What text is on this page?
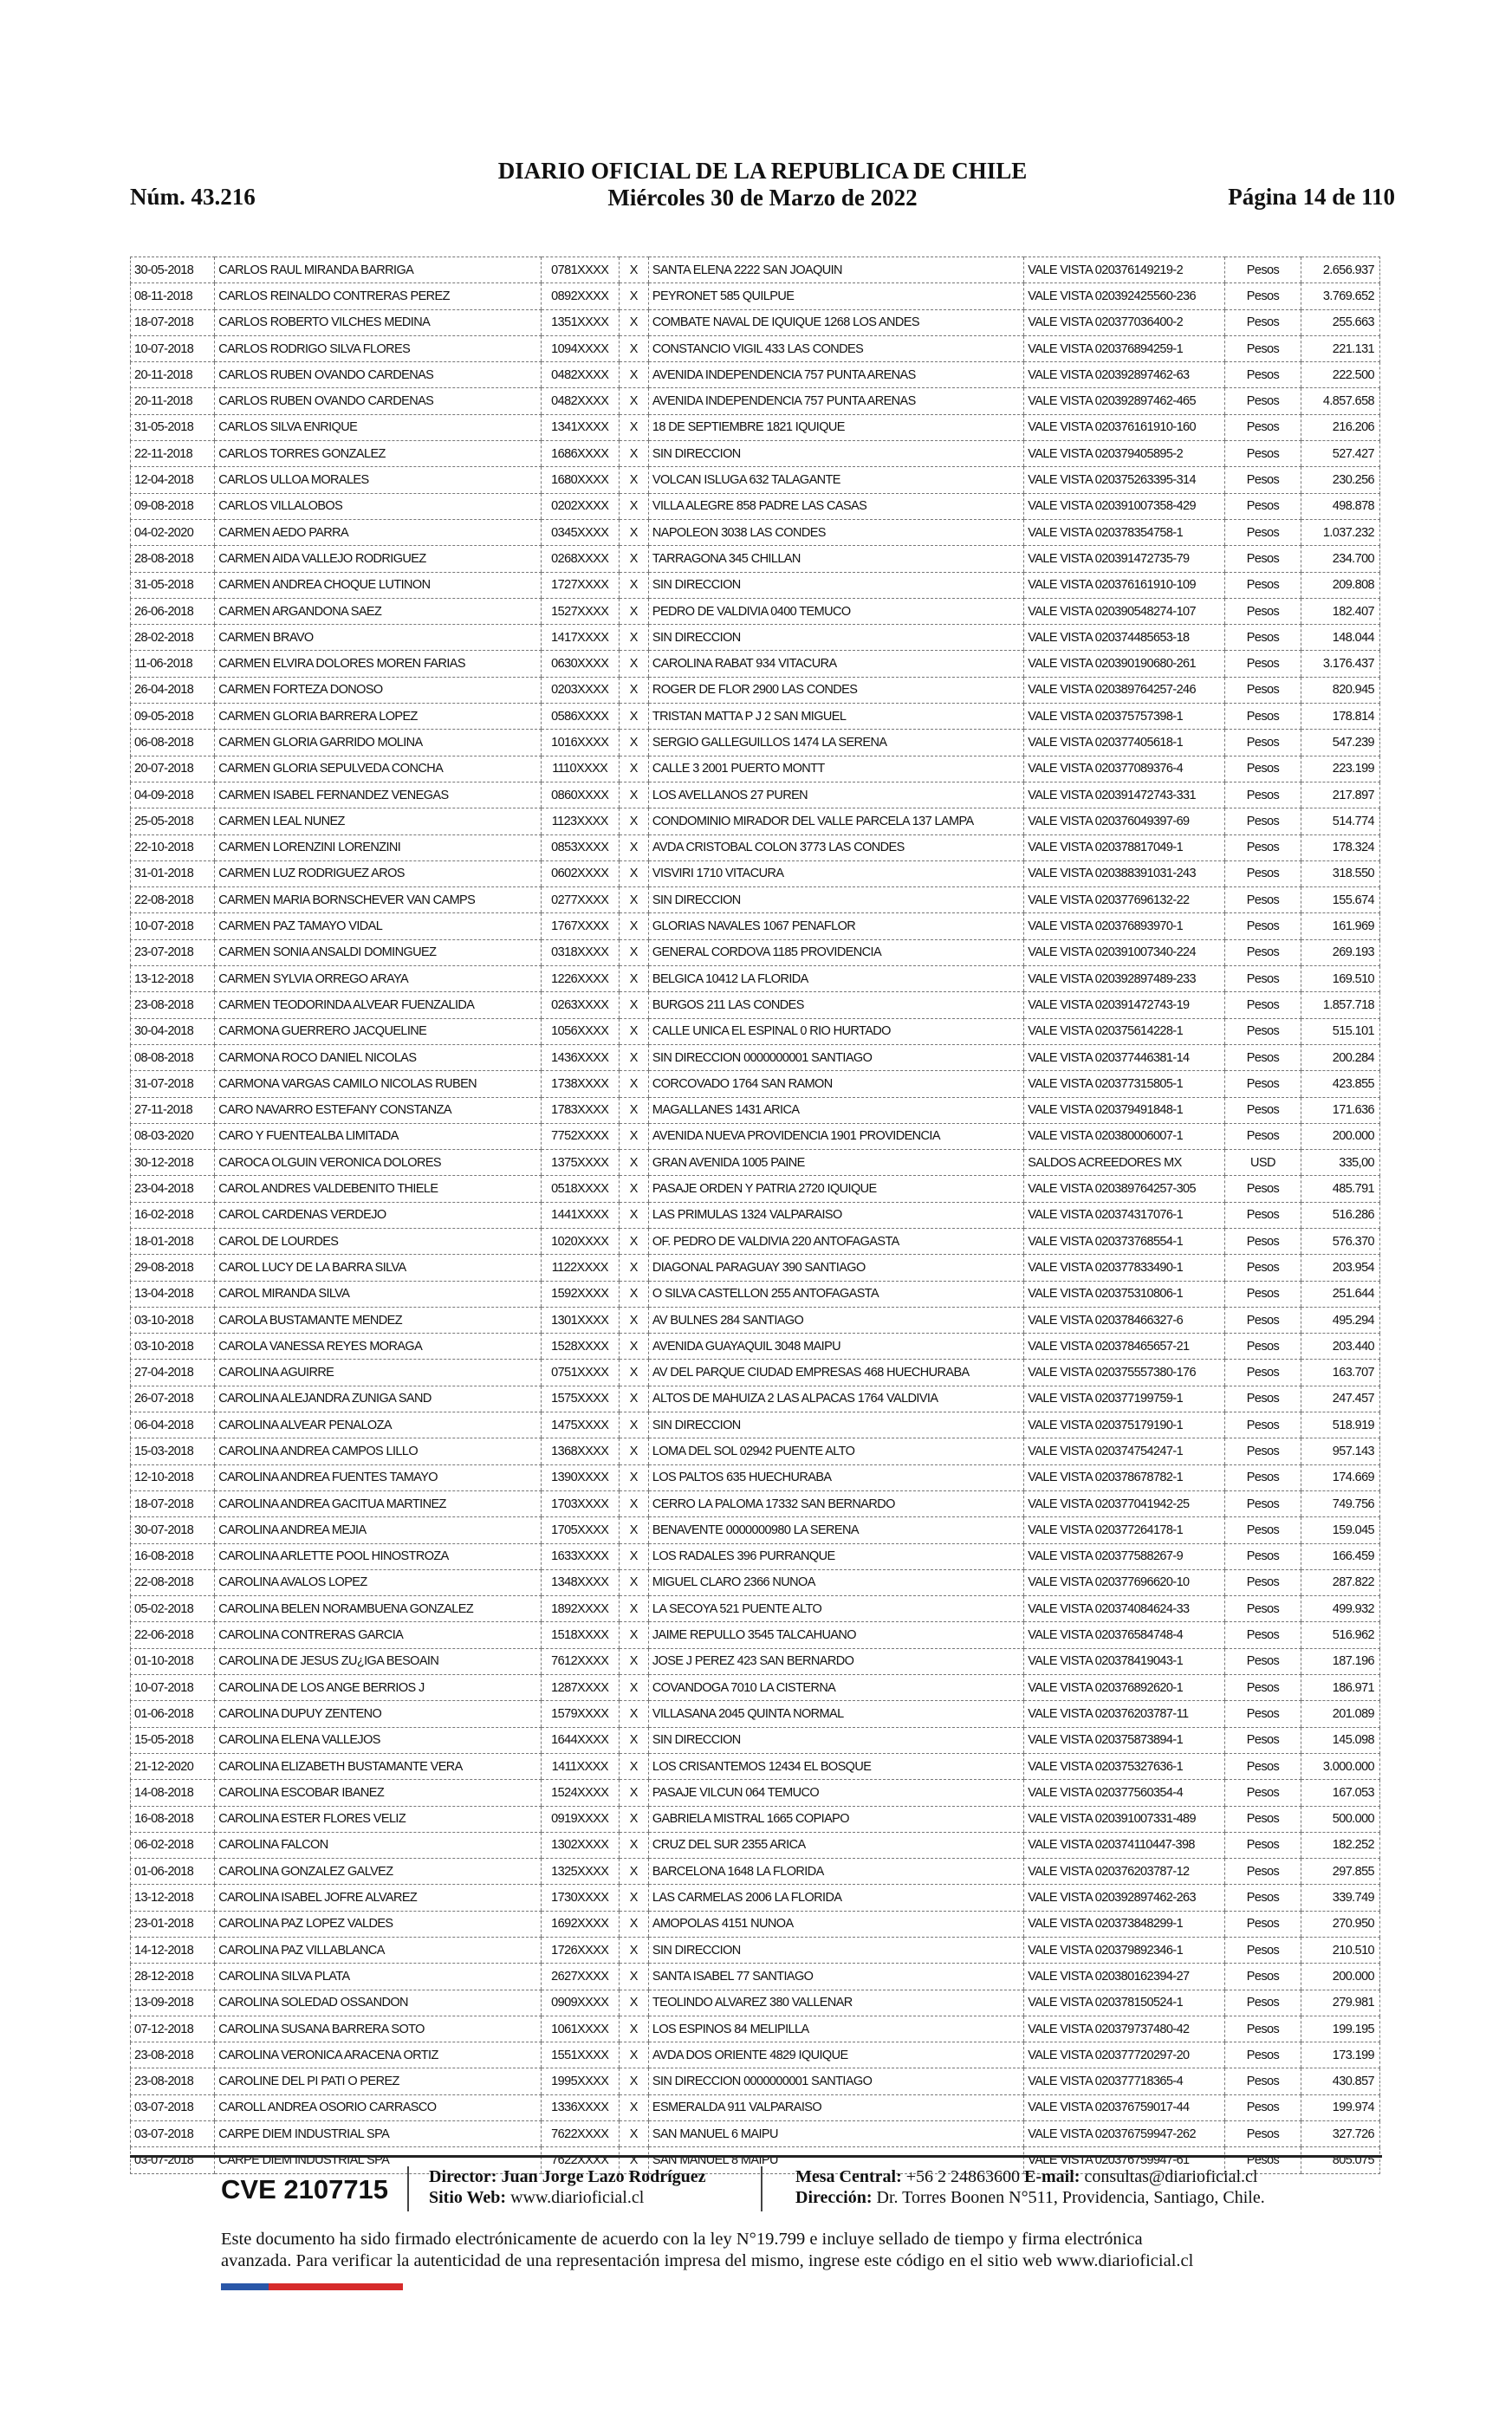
Núm. 43.216
DIARIO OFICIAL DE LA REPUBLICA DE CHILE
Miércoles 30 de Marzo de 2022	Página 14 de 110
30-05-2018	CARLOS RAUL MIRANDA BARRIGA	0781XXXX	X	SANTA ELENA 2222 SAN JOAQUIN	VALE VISTA 020376149219-2	Pesos	2.656.937
08-11-2018	CARLOS REINALDO CONTRERAS PEREZ	0892XXXX	X	PEYRONET 585 QUILPUE	VALE VISTA 020392425560-236	Pesos	3.769.652
18-07-2018	CARLOS ROBERTO VILCHES MEDINA	1351XXXX	X	COMBATE NAVAL DE IQUIQUE 1268 LOS ANDES	VALE VISTA 020377036400-2	Pesos	255.663
10-07-2018	CARLOS RODRIGO SILVA FLORES	1094XXXX	X	CONSTANCIO VIGIL 433 LAS CONDES	VALE VISTA 020376894259-1	Pesos	221.131
20-11-2018	CARLOS RUBEN OVANDO CARDENAS	0482XXXX	X	AVENIDA INDEPENDENCIA 757 PUNTA ARENAS	VALE VISTA 020392897462-63	Pesos	222.500
20-11-2018	CARLOS RUBEN OVANDO CARDENAS	0482XXXX	X	AVENIDA INDEPENDENCIA 757 PUNTA ARENAS	VALE VISTA 020392897462-465	Pesos	4.857.658
31-05-2018	CARLOS SILVA ENRIQUE	1341XXXX	X	18 DE SEPTIEMBRE 1821 IQUIQUE	VALE VISTA 020376161910-160	Pesos	216.206
22-11-2018	CARLOS TORRES GONZALEZ	1686XXXX	X	SIN DIRECCION	VALE VISTA 020379405895-2	Pesos	527.427
12-04-2018	CARLOS ULLOA MORALES	1680XXXX	X	VOLCAN ISLUGA 632 TALAGANTE	VALE VISTA 020375263395-314	Pesos	230.256
09-08-2018	CARLOS VILLALOBOS	0202XXXX	X	VILLA ALEGRE 858 PADRE LAS CASAS	VALE VISTA 020391007358-429	Pesos	498.878
04-02-2020	CARMEN AEDO PARRA	0345XXXX	X	NAPOLEON 3038 LAS CONDES	VALE VISTA 020378354758-1	Pesos	1.037.232
28-08-2018	CARMEN AIDA VALLEJO RODRIGUEZ	0268XXXX	X	TARRAGONA 345 CHILLAN	VALE VISTA 020391472735-79	Pesos	234.700
31-05-2018	CARMEN ANDREA CHOQUE LUTINON	1727XXXX	X	SIN DIRECCION	VALE VISTA 020376161910-109	Pesos	209.808
26-06-2018	CARMEN ARGANDONA SAEZ	1527XXXX	X	PEDRO DE VALDIVIA 0400 TEMUCO	VALE VISTA 020390548274-107	Pesos	182.407
28-02-2018	CARMEN BRAVO	1417XXXX	X	SIN DIRECCION	VALE VISTA 020374485653-18	Pesos	148.044
11-06-2018	CARMEN ELVIRA DOLORES MOREN FARIAS	0630XXXX	X	CAROLINA RABAT 934 VITACURA	VALE VISTA 020390190680-261	Pesos	3.176.437
26-04-2018	CARMEN FORTEZA DONOSO	0203XXXX	X	ROGER DE FLOR 2900 LAS CONDES	VALE VISTA 020389764257-246	Pesos	820.945
09-05-2018	CARMEN GLORIA BARRERA LOPEZ	0586XXXX	X	TRISTAN MATTA P J 2 SAN MIGUEL	VALE VISTA 020375757398-1	Pesos	178.814
06-08-2018	CARMEN GLORIA GARRIDO MOLINA	1016XXXX	X	SERGIO GALLEGUILLOS 1474 LA SERENA	VALE VISTA 020377405618-1	Pesos	547.239
20-07-2018	CARMEN GLORIA SEPULVEDA CONCHA	1110XXXX	X	CALLE 3 2001 PUERTO MONTT	VALE VISTA 020377089376-4	Pesos	223.199
04-09-2018	CARMEN ISABEL FERNANDEZ VENEGAS	0860XXXX	X	LOS AVELLANOS 27 PUREN	VALE VISTA 020391472743-331	Pesos	217.897
25-05-2018	CARMEN LEAL NUNEZ	1123XXXX	X	CONDOMINIO MIRADOR DEL VALLE PARCELA 137 LAMPA	VALE VISTA 020376049397-69	Pesos	514.774
22-10-2018	CARMEN LORENZINI LORENZINI	0853XXXX	X	AVDA CRISTOBAL COLON 3773 LAS CONDES	VALE VISTA 020378817049-1	Pesos	178.324
31-01-2018	CARMEN LUZ RODRIGUEZ AROS	0602XXXX	X	VISVIRI 1710 VITACURA	VALE VISTA 020388391031-243	Pesos	318.550
22-08-2018	CARMEN MARIA BORNSCHEVER VAN CAMPS	0277XXXX	X	SIN DIRECCION	VALE VISTA 020377696132-22	Pesos	155.674
10-07-2018	CARMEN PAZ TAMAYO VIDAL	1767XXXX	X	GLORIAS NAVALES 1067 PENAFLOR	VALE VISTA 020376893970-1	Pesos	161.969
23-07-2018	CARMEN SONIA ANSALDI DOMINGUEZ	0318XXXX	X	GENERAL CORDOVA 1185 PROVIDENCIA	VALE VISTA 020391007340-224	Pesos	269.193
13-12-2018	CARMEN SYLVIA ORREGO ARAYA	1226XXXX	X	BELGICA 10412 LA FLORIDA	VALE VISTA 020392897489-233	Pesos	169.510
23-08-2018	CARMEN TEODORINDA ALVEAR FUENZALIDA	0263XXXX	X	BURGOS 211 LAS CONDES	VALE VISTA 020391472743-19	Pesos	1.857.718
30-04-2018	CARMONA GUERRERO JACQUELINE	1056XXXX	X	CALLE UNICA EL ESPINAL 0 RIO HURTADO	VALE VISTA 020375614228-1	Pesos	515.101
08-08-2018	CARMONA ROCO DANIEL NICOLAS	1436XXXX	X	SIN DIRECCION 0000000001 SANTIAGO	VALE VISTA 020377446381-14	Pesos	200.284
31-07-2018	CARMONA VARGAS CAMILO NICOLAS RUBEN	1738XXXX	X	CORCOVADO 1764 SAN RAMON	VALE VISTA 020377315805-1	Pesos	423.855
27-11-2018	CARO NAVARRO ESTEFANY CONSTANZA	1783XXXX	X	MAGALLANES 1431 ARICA	VALE VISTA 020379491848-1	Pesos	171.636
08-03-2020	CARO Y FUENTEALBA LIMITADA	7752XXXX	X	AVENIDA NUEVA PROVIDENCIA 1901 PROVIDENCIA	VALE VISTA 020380006007-1	Pesos	200.000
30-12-2018	CAROCA OLGUIN VERONICA DOLORES	1375XXXX	X	GRAN AVENIDA 1005 PAINE	SALDOS ACREEDORES MX	USD	335,00
23-04-2018	CAROL ANDRES VALDEBENITO THIELE	0518XXXX	X	PASAJE ORDEN Y PATRIA 2720 IQUIQUE	VALE VISTA 020389764257-305	Pesos	485.791
16-02-2018	CAROL CARDENAS VERDEJO	1441XXXX	X	LAS PRIMULAS 1324 VALPARAISO	VALE VISTA 020374317076-1	Pesos	516.286
18-01-2018	CAROL DE LOURDES	1020XXXX	X	OF. PEDRO DE VALDIVIA 220 ANTOFAGASTA	VALE VISTA 020373768554-1	Pesos	576.370
29-08-2018	CAROL LUCY DE LA BARRA SILVA	1122XXXX	X	DIAGONAL PARAGUAY 390 SANTIAGO	VALE VISTA 020377833490-1	Pesos	203.954
13-04-2018	CAROL MIRANDA SILVA	1592XXXX	X	O SILVA CASTELLON 255 ANTOFAGASTA	VALE VISTA 020375310806-1	Pesos	251.644
03-10-2018	CAROLA BUSTAMANTE MENDEZ	1301XXXX	X	AV BULNES 284 SANTIAGO	VALE VISTA 020378466327-6	Pesos	495.294
03-10-2018	CAROLA VANESSA REYES MORAGA	1528XXXX	X	AVENIDA GUAYAQUIL 3048 MAIPU	VALE VISTA 020378465657-21	Pesos	203.440
27-04-2018	CAROLINA AGUIRRE	0751XXXX	X	AV DEL PARQUE CIUDAD EMPRESAS 468 HUECHURABA	VALE VISTA 020375557380-176	Pesos	163.707
26-07-2018	CAROLINA ALEJANDRA ZUNIGA SAND	1575XXXX	X	ALTOS DE MAHUIZA 2 LAS ALPACAS 1764 VALDIVIA	VALE VISTA 020377199759-1	Pesos	247.457
06-04-2018	CAROLINA ALVEAR PENALOZA	1475XXXX	X	SIN DIRECCION	VALE VISTA 020375179190-1	Pesos	518.919
15-03-2018	CAROLINA ANDREA CAMPOS LILLO	1368XXXX	X	LOMA DEL SOL 02942 PUENTE ALTO	VALE VISTA 020374754247-1	Pesos	957.143
12-10-2018	CAROLINA ANDREA FUENTES TAMAYO	1390XXXX	X	LOS PALTOS 635 HUECHURABA	VALE VISTA 020378678782-1	Pesos	174.669
18-07-2018	CAROLINA ANDREA GACITUA MARTINEZ	1703XXXX	X	CERRO LA PALOMA 17332 SAN BERNARDO	VALE VISTA 020377041942-25	Pesos	749.756
30-07-2018	CAROLINA ANDREA MEJIA	1705XXXX	X	BENAVENTE 0000000980 LA SERENA	VALE VISTA 020377264178-1	Pesos	159.045
16-08-2018	CAROLINA ARLETTE POOL HINOSTROZA	1633XXXX	X	LOS RADALES 396 PURRANQUE	VALE VISTA 020377588267-9	Pesos	166.459
22-08-2018	CAROLINA AVALOS LOPEZ	1348XXXX	X	MIGUEL CLARO 2366 NUNOA	VALE VISTA 020377696620-10	Pesos	287.822
05-02-2018	CAROLINA BELEN NORAMBUENA GONZALEZ	1892XXXX	X	LA SECOYA 521 PUENTE ALTO	VALE VISTA 020374084624-33	Pesos	499.932
22-06-2018	CAROLINA CONTRERAS GARCIA	1518XXXX	X	JAIME REPULLO 3545 TALCAHUANO	VALE VISTA 020376584748-4	Pesos	516.962
01-10-2018	CAROLINA DE JESUS ZU¿IGA BESOAIN	7612XXXX	X	JOSE J PEREZ 423 SAN BERNARDO	VALE VISTA 020378419043-1	Pesos	187.196
10-07-2018	CAROLINA DE LOS ANGE BERRIOS J	1287XXXX	X	COVANDOGA 7010 LA CISTERNA	VALE VISTA 020376892620-1	Pesos	186.971
01-06-2018	CAROLINA DUPUY ZENTENO	1579XXXX	X	VILLASANA 2045 QUINTA NORMAL	VALE VISTA 020376203787-11	Pesos	201.089
15-05-2018	CAROLINA ELENA VALLEJOS	1644XXXX	X	SIN DIRECCION	VALE VISTA 020375873894-1	Pesos	145.098
21-12-2020	CAROLINA ELIZABETH BUSTAMANTE VERA	1411XXXX	X	LOS CRISANTEMOS 12434 EL BOSQUE	VALE VISTA 020375327636-1	Pesos	3.000.000
14-08-2018	CAROLINA ESCOBAR IBANEZ	1524XXXX	X	PASAJE VILCUN 064 TEMUCO	VALE VISTA 020377560354-4	Pesos	167.053
16-08-2018	CAROLINA ESTER FLORES VELIZ	0919XXXX	X	GABRIELA MISTRAL 1665 COPIAPO	VALE VISTA 020391007331-489	Pesos	500.000
06-02-2018	CAROLINA FALCON	1302XXXX	X	CRUZ DEL SUR 2355 ARICA	VALE VISTA 020374110447-398	Pesos	182.252
01-06-2018	CAROLINA GONZALEZ GALVEZ	1325XXXX	X	BARCELONA 1648 LA FLORIDA	VALE VISTA 020376203787-12	Pesos	297.855
13-12-2018	CAROLINA ISABEL JOFRE ALVAREZ	1730XXXX	X	LAS CARMELAS 2006 LA FLORIDA	VALE VISTA 020392897462-263	Pesos	339.749
23-01-2018	CAROLINA PAZ LOPEZ VALDES	1692XXXX	X	AMOPOLAS 4151 NUNOA	VALE VISTA 020373848299-1	Pesos	270.950
14-12-2018	CAROLINA PAZ VILLABLANCA	1726XXXX	X	SIN DIRECCION	VALE VISTA 020379892346-1	Pesos	210.510
28-12-2018	CAROLINA SILVA PLATA	2627XXXX	X	SANTA ISABEL 77 SANTIAGO	VALE VISTA 020380162394-27	Pesos	200.000
13-09-2018	CAROLINA SOLEDAD OSSANDON	0909XXXX	X	TEOLINDO ALVAREZ 380 VALLENAR	VALE VISTA 020378150524-1	Pesos	279.981
07-12-2018	CAROLINA SUSANA BARRERA SOTO	1061XXXX	X	LOS ESPINOS 84 MELIPILLA	VALE VISTA 020379737480-42	Pesos	199.195
23-08-2018	CAROLINA VERONICA ARACENA ORTIZ	1551XXXX	X	AVDA DOS ORIENTE 4829 IQUIQUE	VALE VISTA 020377720297-20	Pesos	173.199
23-08-2018	CAROLINE DEL PI PATI O PEREZ	1995XXXX	X	SIN DIRECCION 0000000001 SANTIAGO	VALE VISTA 020377718365-4	Pesos	430.857
03-07-2018	CAROLL ANDREA OSORIO CARRASCO	1336XXXX	X	ESMERALDA 911 VALPARAISO	VALE VISTA 020376759017-44	Pesos	199.974
03-07-2018	CARPE DIEM INDUSTRIAL SPA	7622XXXX	X	SAN MANUEL 6 MAIPU	VALE VISTA 020376759947-262	Pesos	327.726
03-07-2018	CARPE DIEM INDUSTRIAL SPA	7622XXXX	X	SAN MANUEL 8 MAIPU	VALE VISTA 020376759947-61	Pesos	805.075
CVE 2107715 Director: Juan Jorge Lazo Rodríguez
Sitio Web: www.diarioficial.cl
Mesa Central: +56 2 24863600 E-mail: consultas@diarioficial.cl
Dirección: Dr. Torres Boonen N°511, Providencia, Santiago, Chile.
Este documento ha sido firmado electrónicamente de acuerdo con la ley N°19.799 e incluye sellado de tiempo y firma electrónica
avanzada. Para verificar la autenticidad de una representación impresa del mismo, ingrese este código en el sitio web www.diarioficial.cl
